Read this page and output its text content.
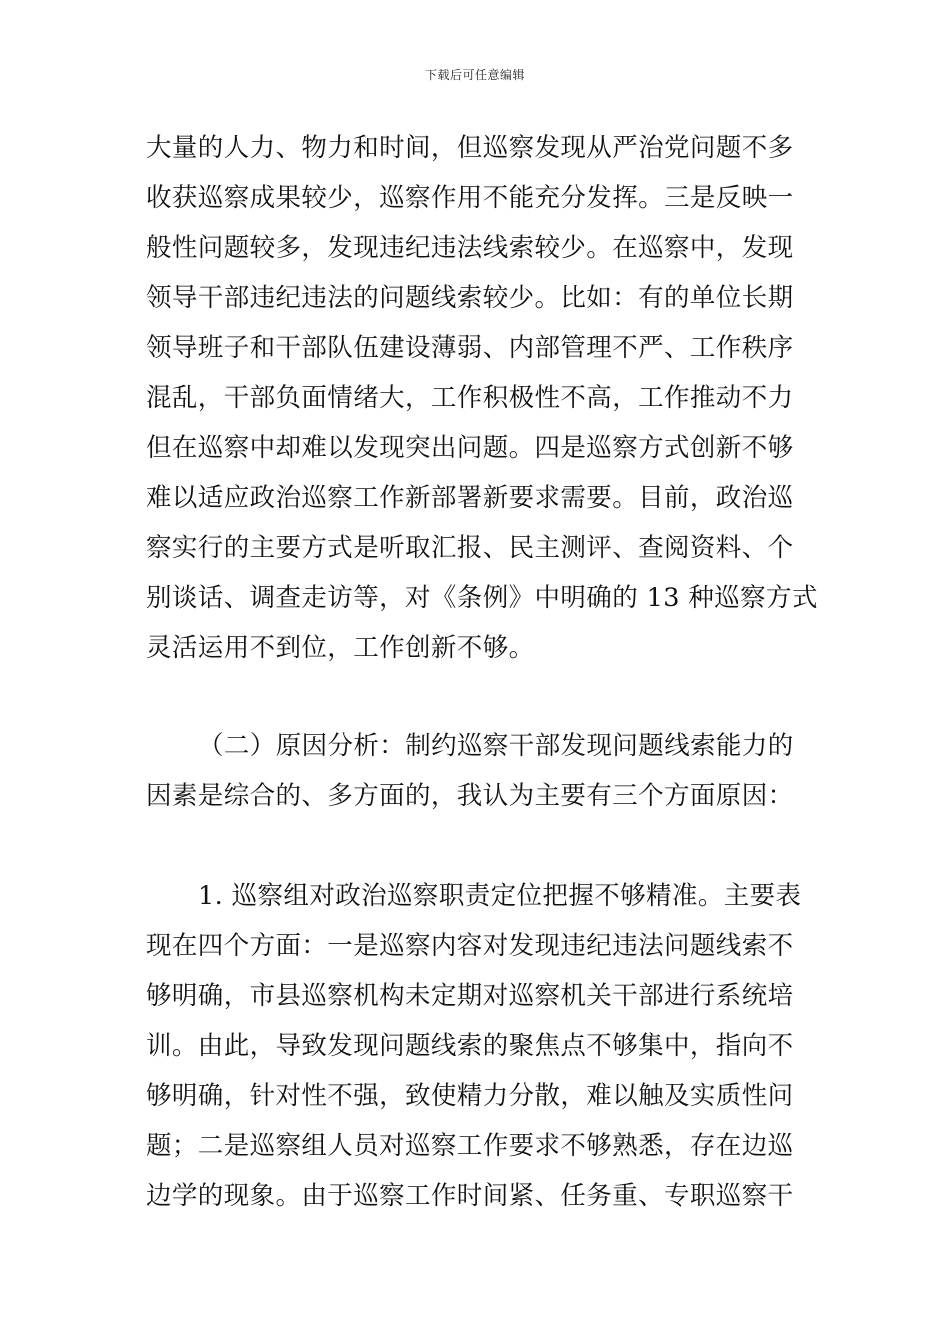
下载后可任意编辑
大量的人力、物力和时间，但巡察发现从严治党问题不多
收获巡察成果较少，巡察作用不能充分发挥。三是反映一
般性问题较多，发现违纪违法线索较少。在巡察中，发现
领导干部违纪违法的问题线索较少。比如：有的单位长期
领导班子和干部队伍建设薄弱、内部管理不严、工作秩序
混乱，干部负面情绪大，工作积极性不高，工作推动不力
但在巡察中却难以发现突出问题。四是巡察方式创新不够
难以适应政治巡察工作新部署新要求需要。目前，政治巡
察实行的主要方式是听取汇报、民主测评、查阅资料、个
别谈话、调查走访等，对《条例》中明确的 13 种巡察方式
灵活运用不到位，工作创新不够。
（二）原因分析：制约巡察干部发现问题线索能力的
因素是综合的、多方面的，我认为主要有三个方面原因：
1. 巡察组对政治巡察职责定位把握不够精准。主要表
现在四个方面：一是巡察内容对发现违纪违法问题线索不
够明确，市县巡察机构未定期对巡察机关干部进行系统培
训。由此，导致发现问题线索的聚焦点不够集中，指向不
够明确，针对性不强，致使精力分散，难以触及实质性问
题；二是巡察组人员对巡察工作要求不够熟悉，存在边巡
边学的现象。由于巡察工作时间紧、任务重、专职巡察干
